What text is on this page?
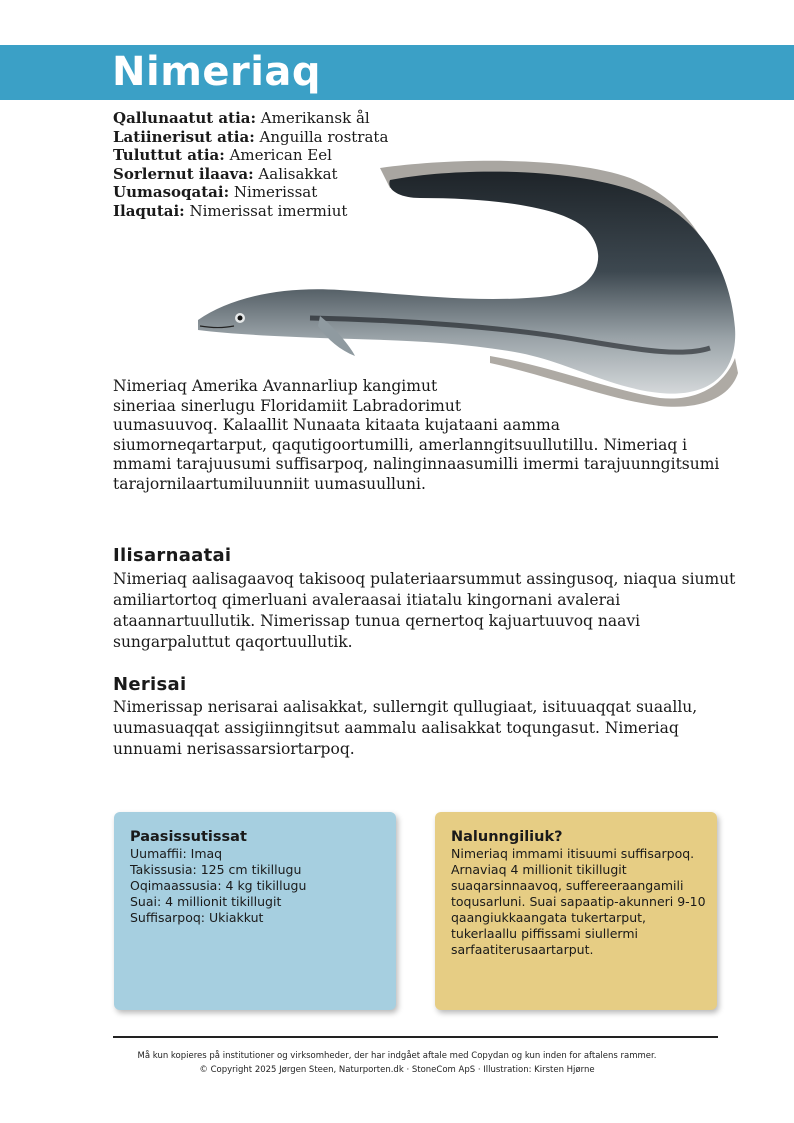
Nimeriaq
Qallunaatut atia: Amerikansk ål
Latiinerisut atia: Anguilla rostrata
Tuluttut atia: American Eel
Sorlernut ilaava: Aalisakkat
Uumasoqatai: Nimerissat
Ilaqutai: Nimerissat imermiut
Nimeriaq Amerika Avannarliup kangimut
sineriaa sinerlugu Floridamiit Labradorimut
uumasuuvoq. Kalaallit Nunaata kitaata kujataani aamma
siumorneqartarput, qaqutigoortumilli, amerlanngitsuullutillu. Nimeriaq i
mmami tarajuusumi suffisarpoq, nalinginnaasumilli imermi tarajuunngitsumi
tarajornilaartumiluunniit uumasuulluni.
Ilisarnaatai
Nimeriaq aalisagaavoq takisooq pulateriaarsummut assingusoq, niaqua siumut
amiliartortoq qimerluani avaleraasai itiatalu kingornani avalerai
ataannartuullutik. Nimerissap tunua qernertoq kajuartuuvoq naavi
sungarpaluttut qaqortuullutik.
Nerisai
Nimerissap nerisarai aalisakkat, sullerngit qullugiaat, isituuaqqat suaallu,
uumasuaqqat assigiinngitsut aammalu aalisakkat toqungasut. Nimeriaq
unnuami nerisassarsiortarpoq.
Paasissutissat
Uumaffii: Imaq
Takissusia: 125 cm tikillugu
Oqimaassusia: 4 kg tikillugu
Suai: 4 millionit tikillugit
Suffisarpoq: Ukiakkut
Nalunngiliuk?
Nimeriaq immami itisuumi suffisarpoq.
Arnaviaq 4 millionit tikillugit
suaqarsinnaavoq, suffereeraangamili
toqusarluni. Suai sapaatip-akunneri 9-10
qaangiukkaangata tukertarput,
tukerlaallu piffissami siullermi
sarfaatiterusaartarput.
Må kun kopieres på institutioner og virksomheder, der har indgået aftale med Copydan og kun inden for aftalens rammer.
© Copyright 2025 Jørgen Steen, Naturporten.dk · StoneCom ApS · Illustration: Kirsten Hjørne
